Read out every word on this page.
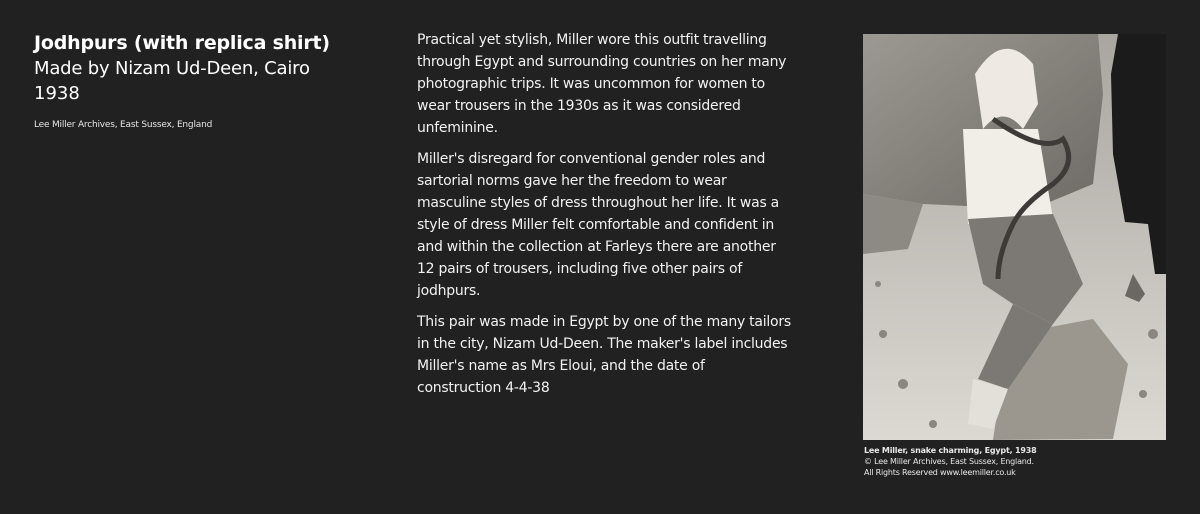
Jodhpurs (with replica shirt)
Made by Nizam Ud-Deen, Cairo
1938
Lee Miller Archives, East Sussex, England

Practical yet stylish, Miller wore this outfit travelling through Egypt and surrounding countries on her many photographic trips. It was uncommon for women to wear trousers in the 1930s as it was considered unfeminine.

Miller's disregard for conventional gender roles and sartorial norms gave her the freedom to wear masculine styles of dress throughout her life. It was a style of dress Miller felt comfortable and confident in and within the collection at Farleys there are another 12 pairs of trousers, including five other pairs of jodhpurs.

This pair was made in Egypt by one of the many tailors in the city, Nizam Ud-Deen. The maker's label includes Miller's name as Mrs Eloui, and the date of construction 4-4-38

Lee Miller, snake charming, Egypt, 1938
© Lee Miller Archives, East Sussex, England.
All Rights Reserved www.leemiller.co.uk
